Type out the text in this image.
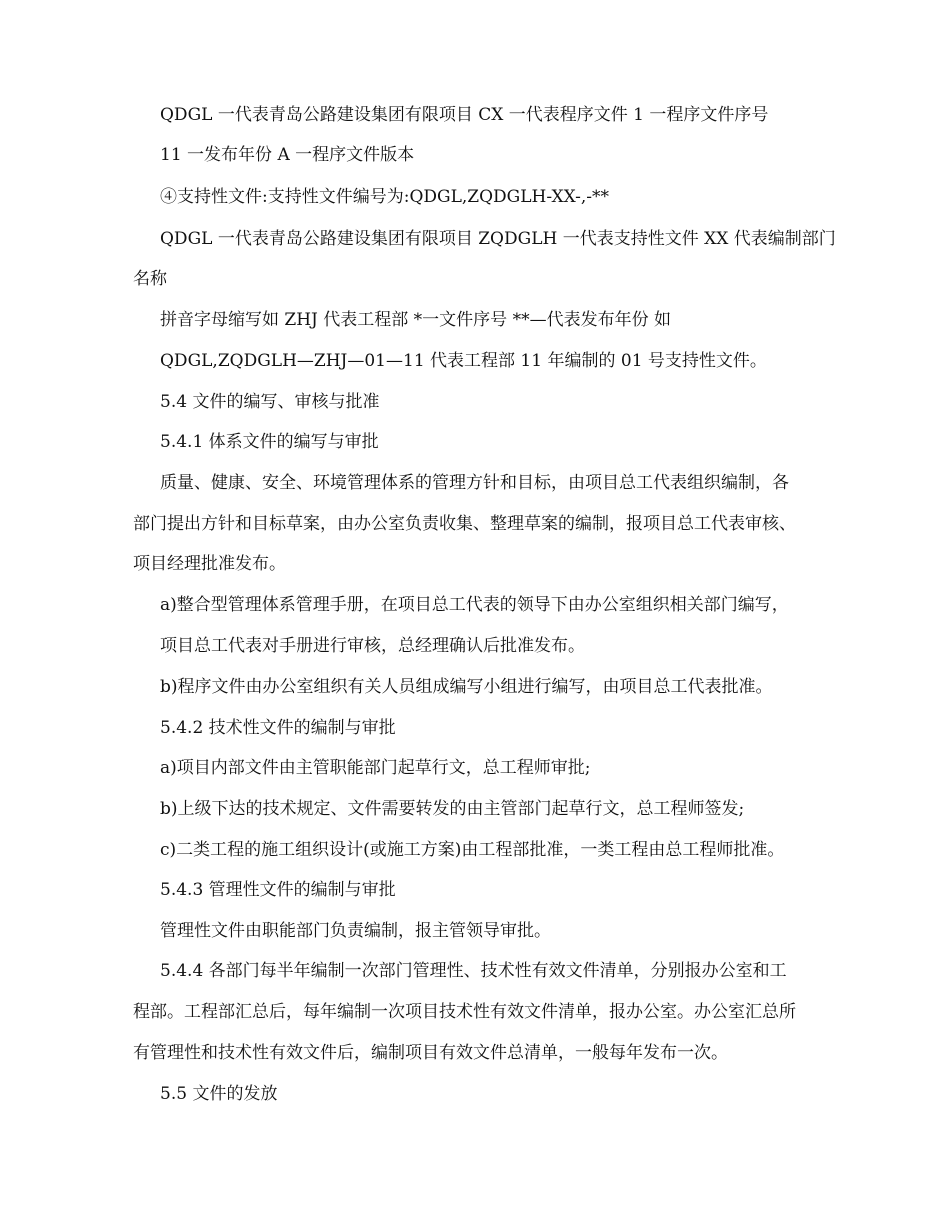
QDGL 一代表青岛公路建设集团有限项目 CX 一代表程序文件 1 一程序文件序号
11 一发布年份 A 一程序文件版本
④支持性文件:支持性文件编号为:QDGL,ZQDGLH-XX-,-**
QDGL 一代表青岛公路建设集团有限项目 ZQDGLH 一代表支持性文件 XX 代表编制部门
名称
拼音字母缩写如 ZHJ 代表工程部 *一文件序号 **—代表发布年份 如
QDGL,ZQDGLH—ZHJ—01—11 代表工程部 11 年编制的 01 号支持性文件。
5.4 文件的编写、审核与批准
5.4.1 体系文件的编写与审批
质量、健康、安全、环境管理体系的管理方针和目标，由项目总工代表组织编制，各
部门提出方针和目标草案，由办公室负责收集、整理草案的编制，报项目总工代表审核、
项目经理批准发布。
a)整合型管理体系管理手册，在项目总工代表的领导下由办公室组织相关部门编写，
项目总工代表对手册进行审核，总经理确认后批准发布。
b)程序文件由办公室组织有关人员组成编写小组进行编写，由项目总工代表批准。
5.4.2 技术性文件的编制与审批
a)项目内部文件由主管职能部门起草行文，总工程师审批;
b)上级下达的技术规定、文件需要转发的由主管部门起草行文，总工程师签发;
c)二类工程的施工组织设计(或施工方案)由工程部批准，一类工程由总工程师批准。
5.4.3 管理性文件的编制与审批
管理性文件由职能部门负责编制，报主管领导审批。
5.4.4 各部门每半年编制一次部门管理性、技术性有效文件清单，分别报办公室和工
程部。工程部汇总后，每年编制一次项目技术性有效文件清单，报办公室。办公室汇总所
有管理性和技术性有效文件后，编制项目有效文件总清单，一般每年发布一次。
5.5 文件的发放
